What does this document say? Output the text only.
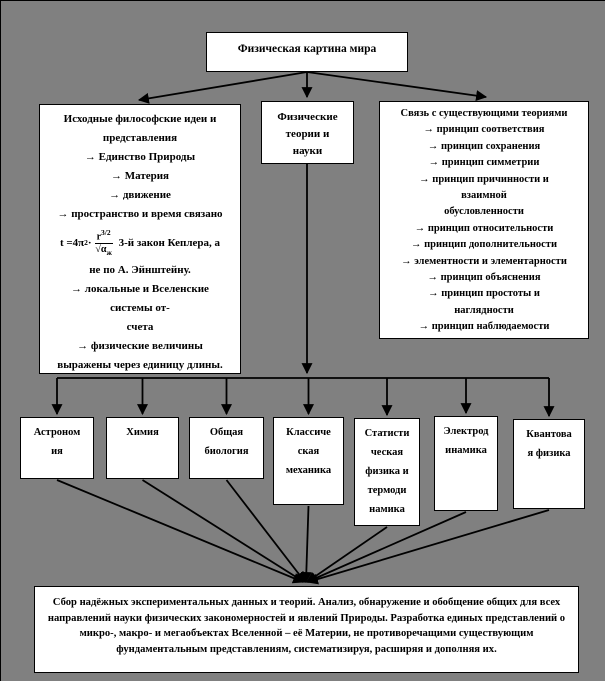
Физическая картина мира
Исходные философские идеи и представления
→ Единство Природы
→ Материя
→ движение
→ пространство и время связано
t =4π $2 \cdot \frac{r^{3/2}}{√\alpha_ж} 3-й$ закон Кеплера, а
не по А. Эйнштейну.
→ локальные и Вселенские
системы от-
счета
→ физические величины
выражены через единицу длины.
Физические
теории и
науки
Связь с существующими теориями
→ принцип соответствия
→ принцип сохранения
→ принцип симметрии
→ принцип причинности и
взаимной
обусловленности
→ принцип относительности
→ принцип дополнительности
→ элементности и элементарности
→ принцип объяснения
→ принцип простоты и
наглядности
→ принцип наблюдаемости
Астроном
ия
Химия	Общая
биология
Классиче
ская
механика
Статисти
ческая
физика и
термоди
намика
Электрод
инамика
Квантова
я физика
Сбор надёжных экспериментальных данных и теорий. Анализ, обнаружение и обобщение общих для всех направлений науки физических закономерностей и явлений Природы. Разработка единых представлений о микро-, макро- и мегаобъектах Вселенной – её Материи, не противоречащими существующим фундаментальным представлениям, систематизируя, расширяя и дополняя их.
